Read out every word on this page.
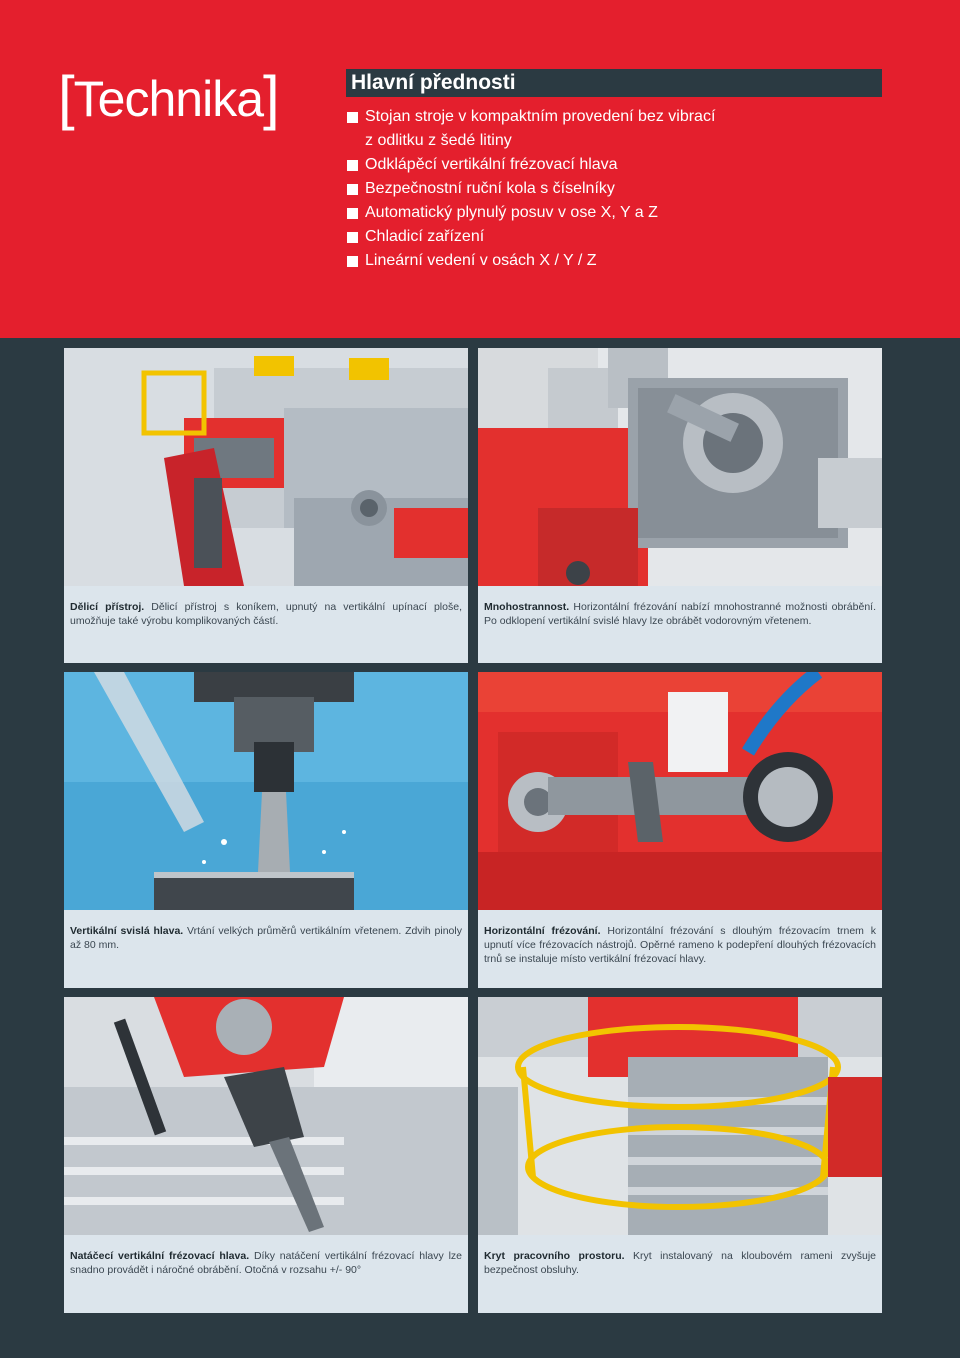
[Technika]	Hlavní přednosti
Stojan stroje v kompaktním provedení bez vibrací
z odlitku z šedé litiny
Odklápěcí vertikální frézovací hlava
Bezpečnostní ruční kola s číselníky
Automatický plynulý posuv v ose X, Y a Z
Chladicí zařízení
Lineární vedení v osách X / Y / Z
Dělicí přístroj. Dělicí přístroj s koníkem, upnutý na vertikální upínací ploše, umožňuje také výrobu komplikovaných částí.
Mnohostrannost. Horizontální frézování nabízí mnohostranné možnosti obrábění. Po odklopení vertikální svislé hlavy lze obrábět vodorovným vřetenem.
Vertikální svislá hlava. Vrtání velkých průměrů vertikálním vřetenem. Zdvih pinoly až 80 mm.
Horizontální frézování. Horizontální frézování s dlouhým frézovacím trnem k upnutí více frézovacích nástrojů. Opěrné rameno k podepření dlouhých frézovacích trnů se instaluje místo vertikální frézovací hlavy.
Natáčecí vertikální frézovací hlava. Díky natáčení vertikální frézovací hlavy lze snadno provádět i náročné obrábění. Otočná v rozsahu +/- 90°
Kryt pracovního prostoru. Kryt instalovaný na kloubovém rameni zvyšuje bezpečnost obsluhy.
